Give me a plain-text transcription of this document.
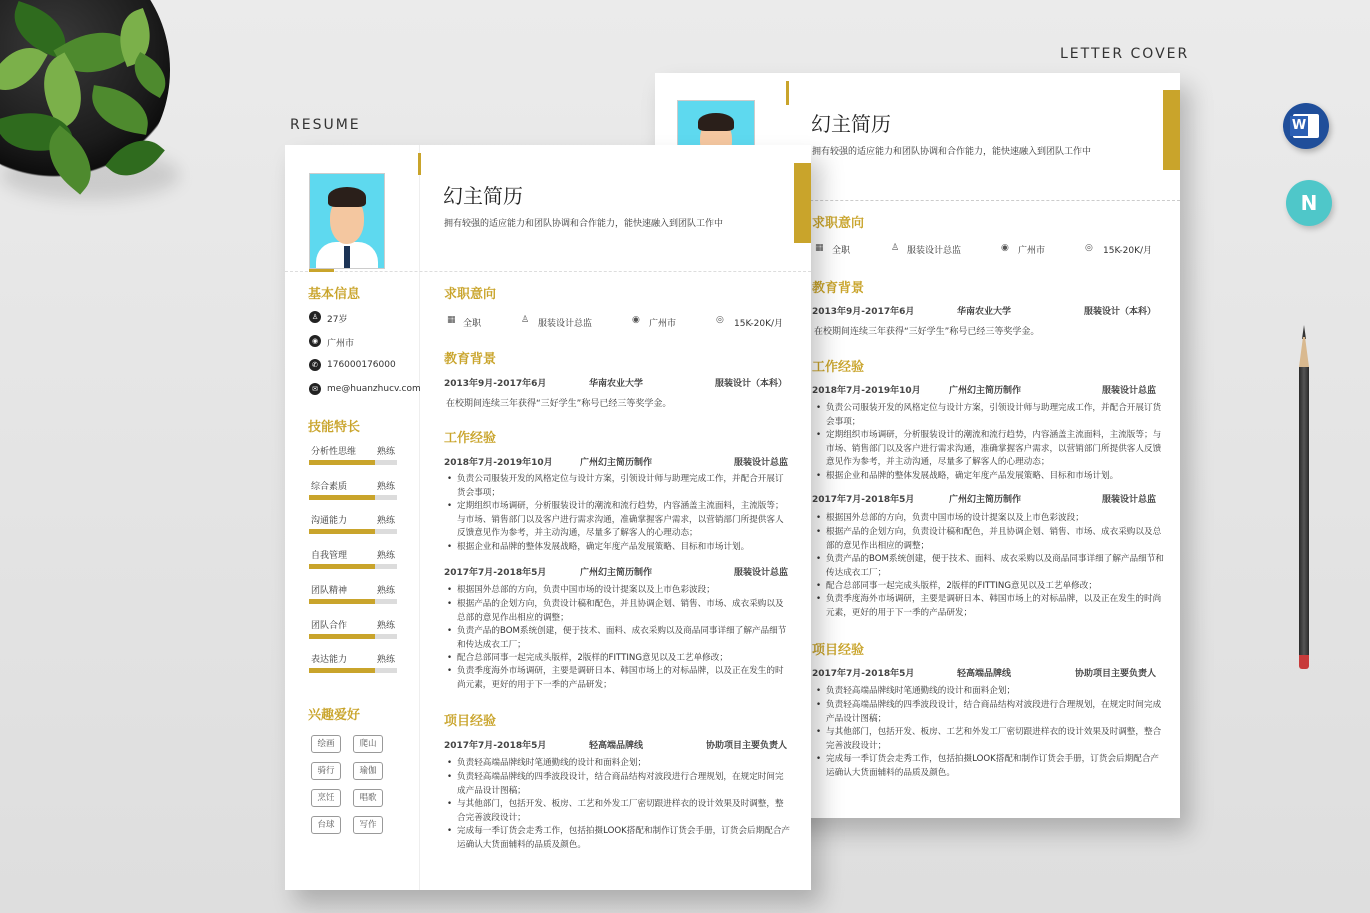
RESUME
LETTER COVER
W
N
幻主简历
拥有较强的适应能力和团队协调和合作能力，能快速融入到团队工作中
求职意向
▦ 全职	♙ 服装设计总监	◉ 广州市	◎ 15K-20K/月
教育背景
2013年9月-2017年6月	华南农业大学	服装设计（本科）
在校期间连续三年获得“三好学生”称号已经三等奖学金。
工作经验
2018年7月-2019年10月	广州幻主简历制作	服装设计总监
• 负责公司服装开发的风格定位与设计方案，引领设计师与助理完成工作，并配合开展订货会事项；
• 定期组织市场调研，分析服装设计的潮流和流行趋势，内容涵盖主流面料，主流版等；与市场、销售部门以及客户进行需求沟通，准确掌握客户需求，以营销部门所提供客人反馈意见作为参考，并主动沟通，尽量多了解客人的心理动态；
• 根据企业和品牌的整体发展战略，确定年度产品发展策略、目标和市场计划。
2017年7月-2018年5月	广州幻主简历制作	服装设计总监
• 根据国外总部的方向，负责中国市场的设计提案以及上市色彩波段；
• 根据产品的企划方向，负责设计稿和配色，并且协调企划、销售、市场、成衣采购以及总部的意见作出相应的调整；
• 负责产品的BOM系统创建，便于技术、面料、成衣采购以及商品同事详细了解产品细节和传达成衣工厂；
• 配合总部同事一起完成头版样，2版样的FITTING意见以及工艺单修改；
• 负责季度海外市场调研，主要是调研日本、韩国市场上的对标品牌，以及正在发生的时尚元素，更好的用于下一季的产品研发；
项目经验
2017年7月-2018年5月	轻高端品牌线	协助项目主要负责人
• 负责轻高端品牌线时笔通勤线的设计和面料企划；
• 负责轻高端品牌线的四季波段设计，结合商品结构对波段进行合理规划，在规定时间完成产品设计图稿；
• 与其他部门，包括开发、板房、工艺和外发工厂密切跟进样衣的设计效果及时调整，整合完善波段设计；
• 完成每一季订货会走秀工作，包括拍摄LOOK搭配和制作订货会手册，订货会后期配合产运确认大货面辅料的品质及颜色。
幻主简历
拥有较强的适应能力和团队协调和合作能力，能快速融入到团队工作中
基本信息
♙ 27岁
◉ 广州市
✆	176000176000
✉	me@huanzhucv.com
技能特长
分析性思维 熟练
综合素质	熟练
沟通能力	熟练
自我管理	熟练
团队精神	熟练
团队合作	熟练
表达能力	熟练
兴趣爱好
绘画	爬山
骑行	瑜伽
烹饪	唱歌
台球	写作
求职意向
▦ 全职	♙ 服装设计总监	◉ 广州市	◎ 15K-20K/月
教育背景
2013年9月-2017年6月	华南农业大学	服装设计（本科）
在校期间连续三年获得“三好学生”称号已经三等奖学金。
工作经验
2018年7月-2019年10月	广州幻主简历制作	服装设计总监
• 负责公司服装开发的风格定位与设计方案，引领设计师与助理完成工作，并配合开展订货会事项；
• 定期组织市场调研，分析服装设计的潮流和流行趋势，内容涵盖主流面料，主流版等；与市场、销售部门以及客户进行需求沟通，准确掌握客户需求，以营销部门所提供客人反馈意见作为参考，并主动沟通，尽量多了解客人的心理动态；
• 根据企业和品牌的整体发展战略，确定年度产品发展策略、目标和市场计划。
2017年7月-2018年5月	广州幻主简历制作	服装设计总监
• 根据国外总部的方向，负责中国市场的设计提案以及上市色彩波段；
• 根据产品的企划方向，负责设计稿和配色，并且协调企划、销售、市场、成衣采购以及总部的意见作出相应的调整；
• 负责产品的BOM系统创建，便于技术、面料、成衣采购以及商品同事详细了解产品细节和传达成衣工厂；
• 配合总部同事一起完成头版样，2版样的FITTING意见以及工艺单修改；
• 负责季度海外市场调研，主要是调研日本、韩国市场上的对标品牌，以及正在发生的时尚元素，更好的用于下一季的产品研发；
项目经验
2017年7月-2018年5月	轻高端品牌线	协助项目主要负责人
• 负责轻高端品牌线时笔通勤线的设计和面料企划；
• 负责轻高端品牌线的四季波段设计，结合商品结构对波段进行合理规划，在规定时间完成产品设计图稿；
• 与其他部门，包括开发、板房、工艺和外发工厂密切跟进样衣的设计效果及时调整，整合完善波段设计；
• 完成每一季订货会走秀工作，包括拍摄LOOK搭配和制作订货会手册，订货会后期配合产运确认大货面辅料的品质及颜色。
